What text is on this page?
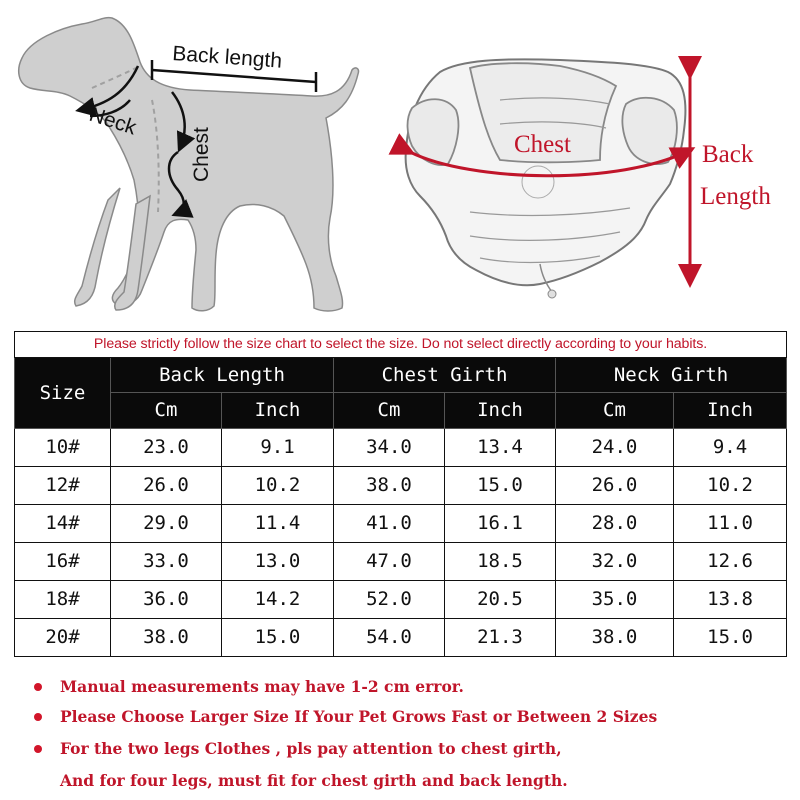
Back length
Neck
Chest	Chest	Back
Length
Please strictly follow the size chart to select the size. Do not select directly according to your habits.						
Size	Back Length		Chest Girth		Neck Girth	
	Cm	Inch	Cm	Inch	Cm	Inch
10#	23.0	9.1	34.0	13.4	24.0	9.4
12#	26.0	10.2	38.0	15.0	26.0	10.2
14#	29.0	11.4	41.0	16.1	28.0	11.0
16#	33.0	13.0	47.0	18.5	32.0	12.6
18#	36.0	14.2	52.0	20.5	35.0	13.8
20#	38.0	15.0	54.0	21.3	38.0	15.0
Manual measurements may have 1-2 cm error.
Please Choose Larger Size If Your Pet Grows Fast or Between 2 Sizes
For the two legs Clothes , pls pay attention to chest girth,
And for four legs, must fit for chest girth and back length.
